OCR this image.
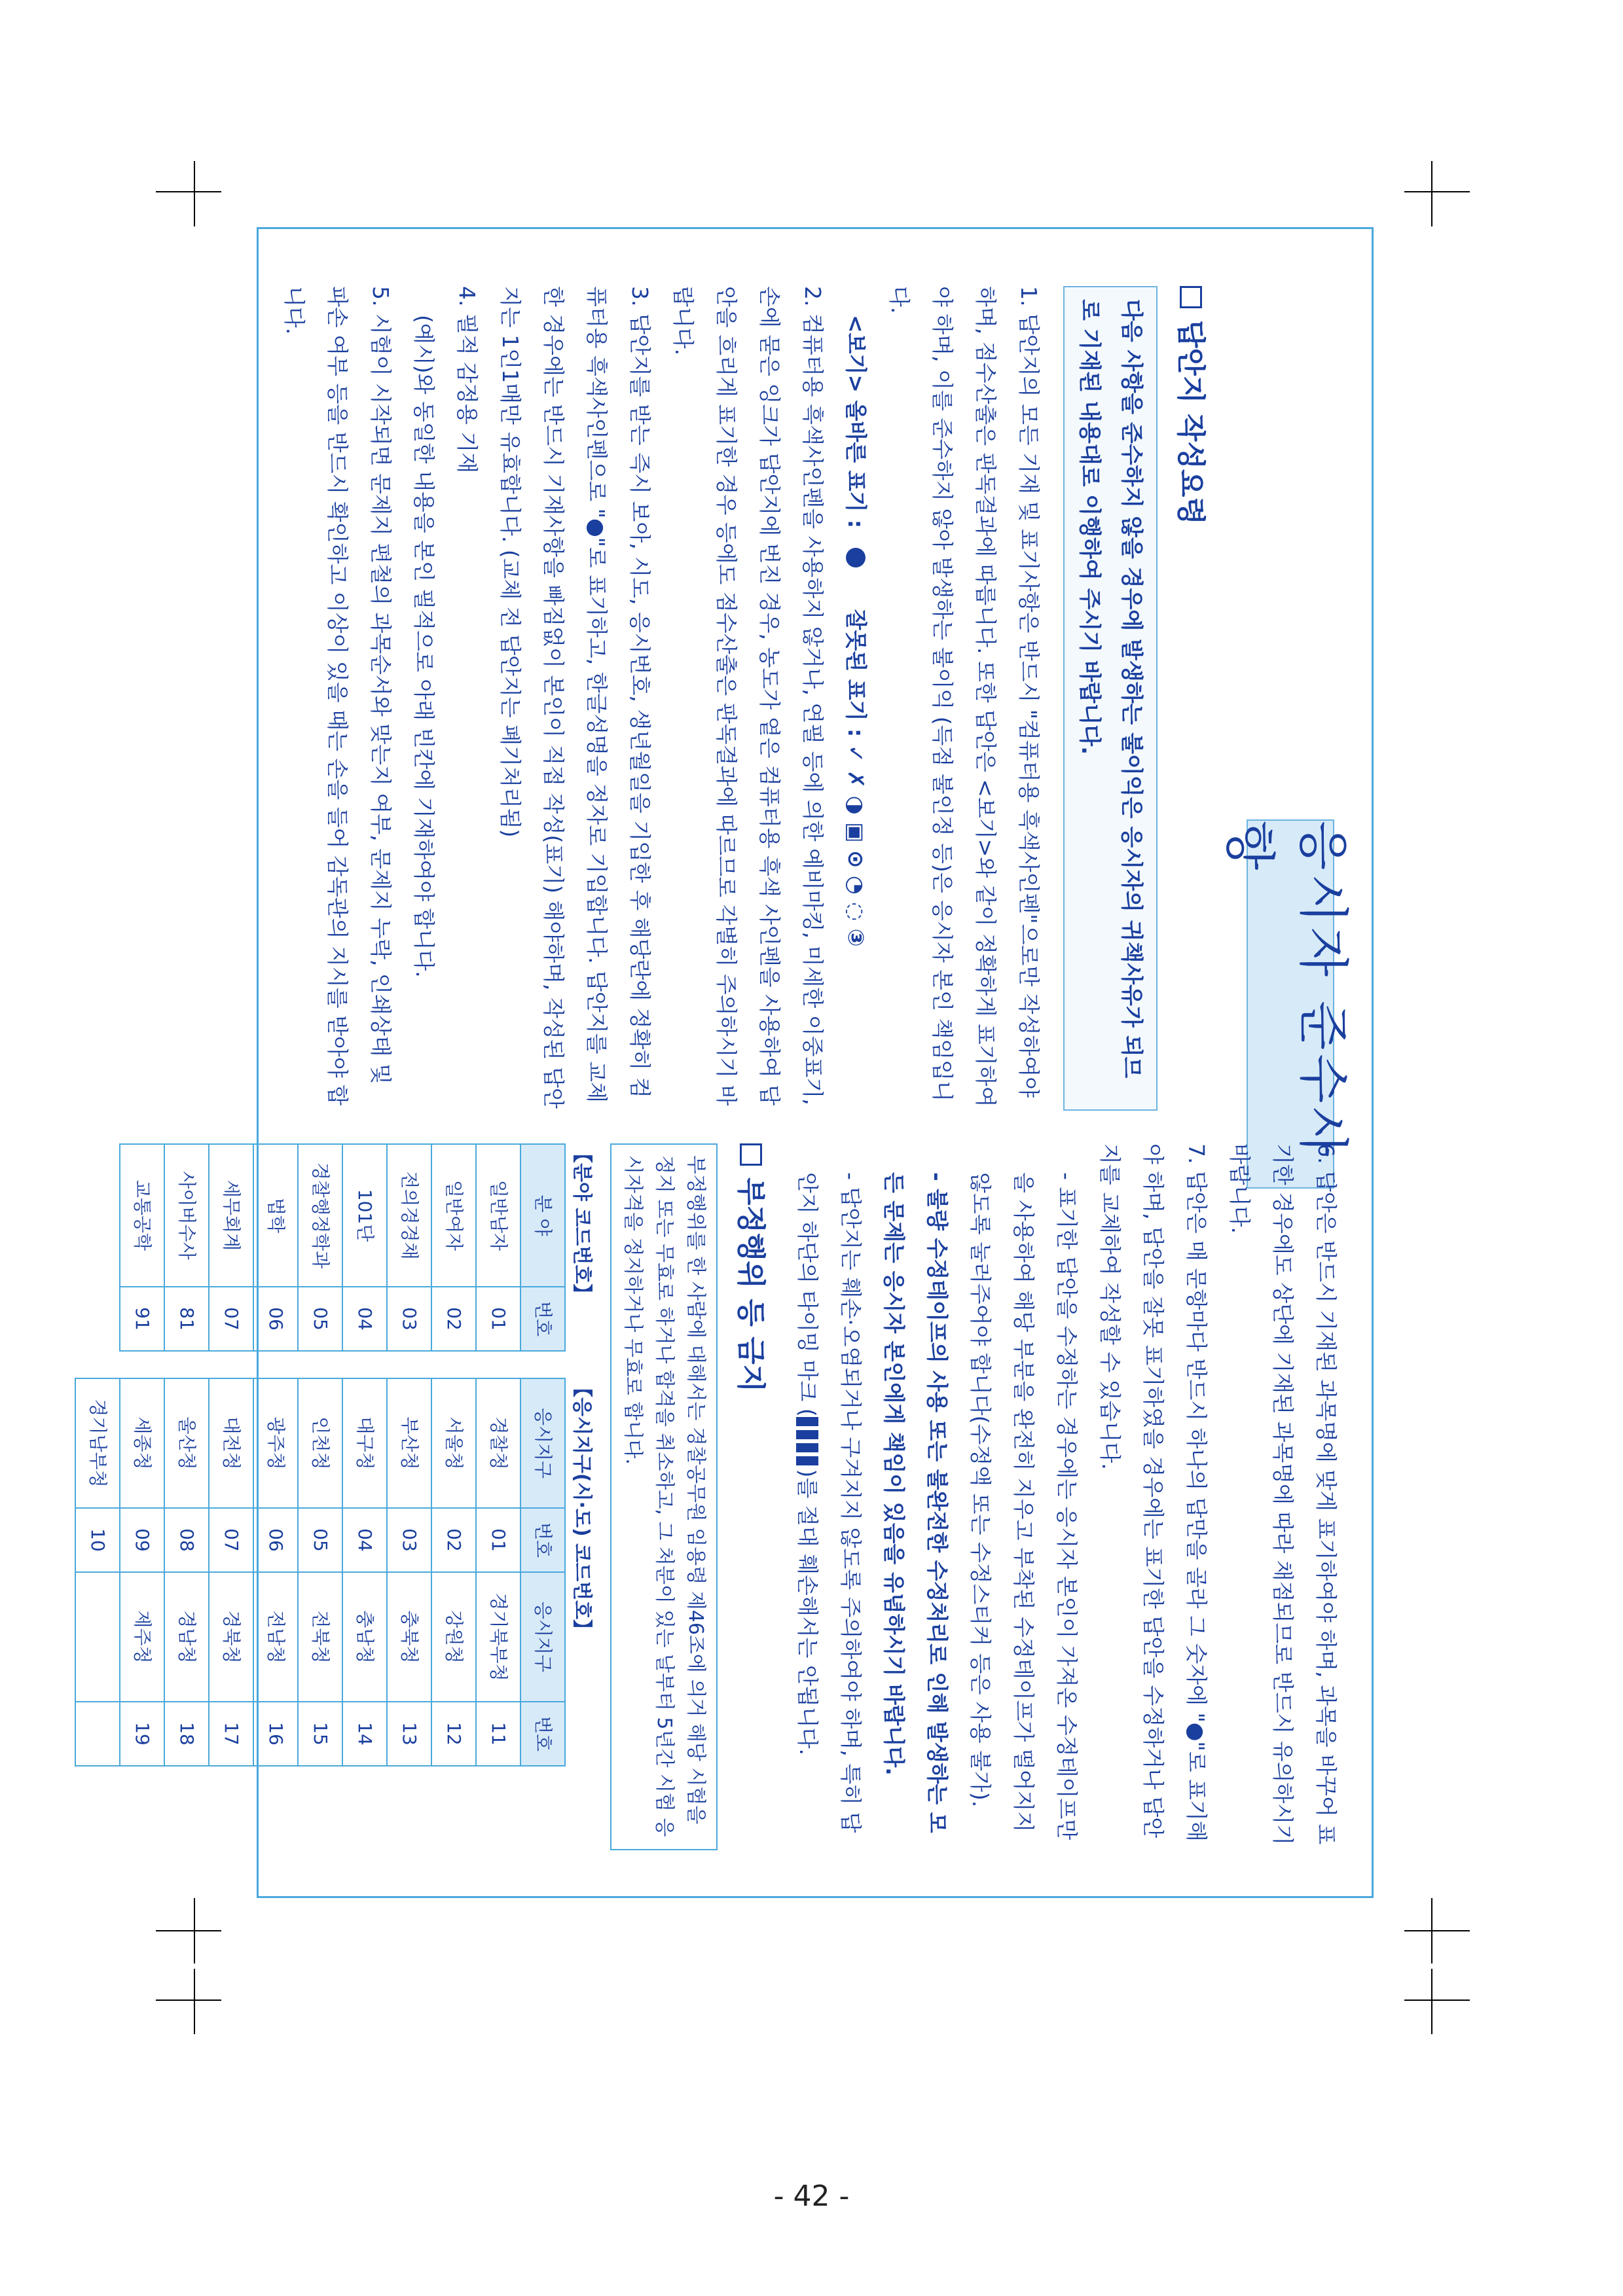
응시자 준수사항

답안지 작성요령

다음 사항을 준수하지 않을 경우에 발생하는 불이익은 응시자의 귀책사유가 되므로 기재된 내용대로 이행하여 주시기 바랍니다.

1. 답안지의 모든 기재 및 표기사항은 반드시 "컴퓨터용 흑색사인펜"으로만 작성하여야 하며, 점수산출은 판독결과에 따릅니다. 또한 답안은 <보기>와 같이 정확하게 표기하여야 하며, 이를 준수하지 않아 발생하는 불이익 (득점 불인정 등)은 응시자 본인 책임입니다.

<보기> 올바른 표기 :     잘못된 표기 : ✓ ✗ ◑ ▣ ⊙ ◔ ◌ ③

2. 컴퓨터용 흑색사인펜을 사용하지 않거나, 연필 등에 의한 예비마킹, 미세한 이중표기, 손에 묻은 잉크가 답안지에 번진 경우, 농도가 옅은 컴퓨터용 흑색 사인펜을 사용하여 답안을 흐리게 표기한 경우 등에도 점수산출은 판독결과에 따르므로 각별히 주의하시기 바랍니다.

3. 답안지를 받는 즉시 보아, 시도, 응시번호, 생년월일을 기입한 후 해당란에 정확히 컴퓨터용 흑색사인펜으로 "●"로 표기하고, 한글성명을 정자로 기입합니다. 답안지를 교체한 경우에는 반드시 기재사항을 빠짐없이 본인이 직접 작성(표기) 해야하며, 작성된 답안지는 1인1매만 유효합니다. (교체 전 답안지는 폐기처리됨)

4. 필적 감정용 기재

(예시)와 동일한 내용을 본인 필적으로 아래 빈칸에 기재하여야 합니다.

5. 시험이 시작되면 문제지 편철의 과목순서와 맞는지 여부, 문제지 누락, 인쇄상태 및 파손 여부 등을 반드시 확인하고 이상이 있을 때는 손을 들어 감독관의 지시를 받아야 합니다.

6. 답안은 반드시 기재된 과목명에 맞게 표기하여야 하며, 과목을 바꾸어 표기한 경우에도 상단에 기재된 과목명에 따라 채점되므로 반드시 유의하시기 바랍니다.

7. 답안은 매 문항마다 반드시 하나의 답만을 골라 그 숫자에 "●"로 표기해야 하며, 답안을 잘못 표기하였을 경우에는 표기한 답안을 수정하거나 답안지를 교체하여 작성할 수 있습니다.

- 표기한 답안을 수정하는 경우에는 응시자 본인이 가져온 수정테이프만을 사용하여 해당 부분을 완전히 지우고 부착된 수정테이프가 떨어지지 않도록 눌러주어야 합니다(수정액 또는 수정스티커 등은 사용 불가).

- 불량 수정테이프의 사용 또는 불완전한 수정처리로 인해 발생하는 모든 문제는 응시자 본인에게 책임이 있음을 유념하시기 바랍니다.

- 답안지는 훼손·오염되거나 구겨지지 않도록 주의하여야 하며, 특히 답안지 하단의 타이밍 마크 ()를 절대 훼손해서는 안됩니다.

부정행위 등 금지

부정행위를 한 사람에 대해서는 경찰공무원 임용령 제46조에 의거 해당 시험을 정지 또는 무효로 하거나 합격을 취소하고, 그 처분이 있는 날부터 5년간 시험 응시자격을 정지하거나 무효로 합니다.
【분야 코드번호】
분 야	번호
일반남자	01
일반여자	02
전의경경채	03
101단	04
경찰행정학과	05
법학	06
세무회계	07
사이버수사	81
교통공학	91
【응시지구(시·도) 코드번호】
응시지구	번호	응시지구	번호
경찰청	01	경기북부청	11
서울청	02	강원청	12
부산청	03	충북청	13
대구청	04	충남청	14
인천청	05	전북청	15
광주청	06	전남청	16
대전청	07	경북청	17
울산청	08	경남청	18
세종청	09	제주청	19
경기남부청	10		
- 42 -
